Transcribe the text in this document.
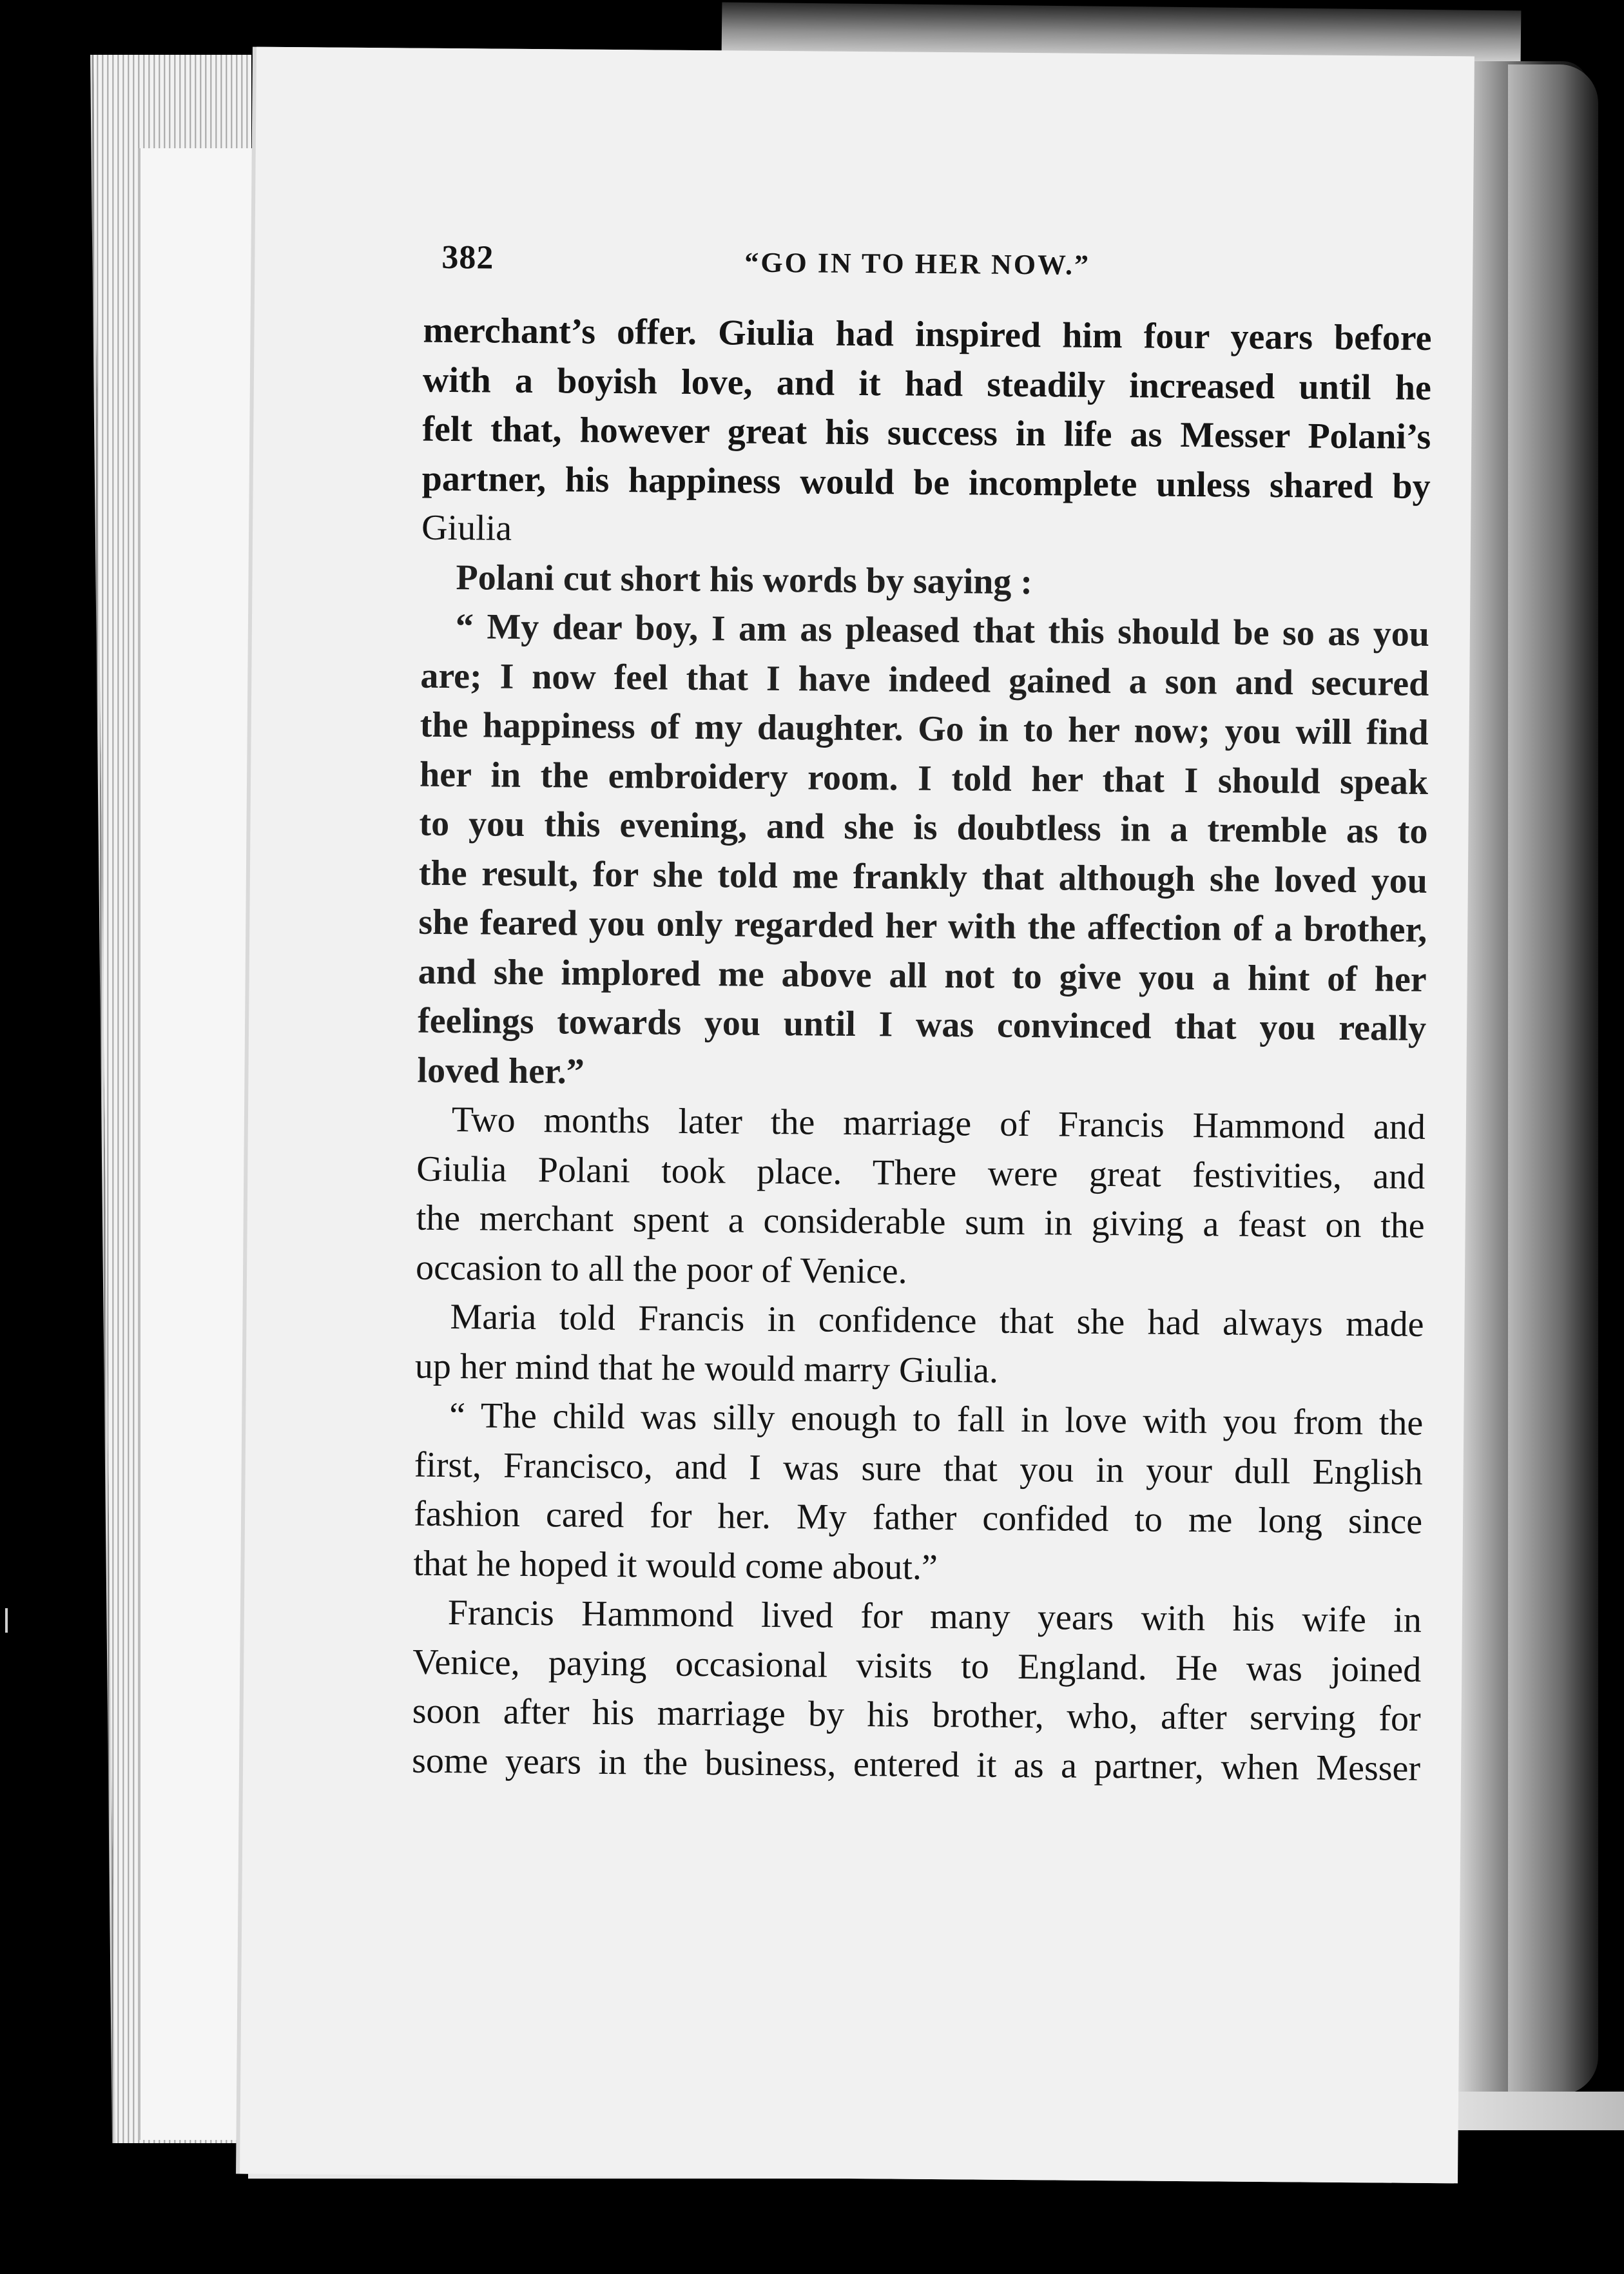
382	“GO IN TO HER NOW.”
merchant’s offer. Giulia had inspired him four years before
with a boyish love, and it had steadily increased until he
felt that, however great his success in life as Messer Polani’s
partner, his happiness would be incomplete unless shared by
Giulia
Polani cut short his words by saying :
“ My dear boy, I am as pleased that this should be so as you
are; I now feel that I have indeed gained a son and secured
the happiness of my daughter. Go in to her now; you will find
her in the embroidery room. I told her that I should speak
to you this evening, and she is doubtless in a tremble as to
the result, for she told me frankly that although she loved you
she feared you only regarded her with the affection of a brother,
and she implored me above all not to give you a hint of her
feelings towards you until I was convinced that you really
loved her.”
Two months later the marriage of Francis Hammond and
Giulia Polani took place. There were great festivities, and
the merchant spent a considerable sum in giving a feast on the
occasion to all the poor of Venice.
Maria told Francis in confidence that she had always made
up her mind that he would marry Giulia.
“ The child was silly enough to fall in love with you from the
first, Francisco, and I was sure that you in your dull English
fashion cared for her. My father confided to me long since
that he hoped it would come about.”
Francis Hammond lived for many years with his wife in
Venice, paying occasional visits to England. He was joined
soon after his marriage by his brother, who, after serving for
some years in the business, entered it as a partner, when Messer
